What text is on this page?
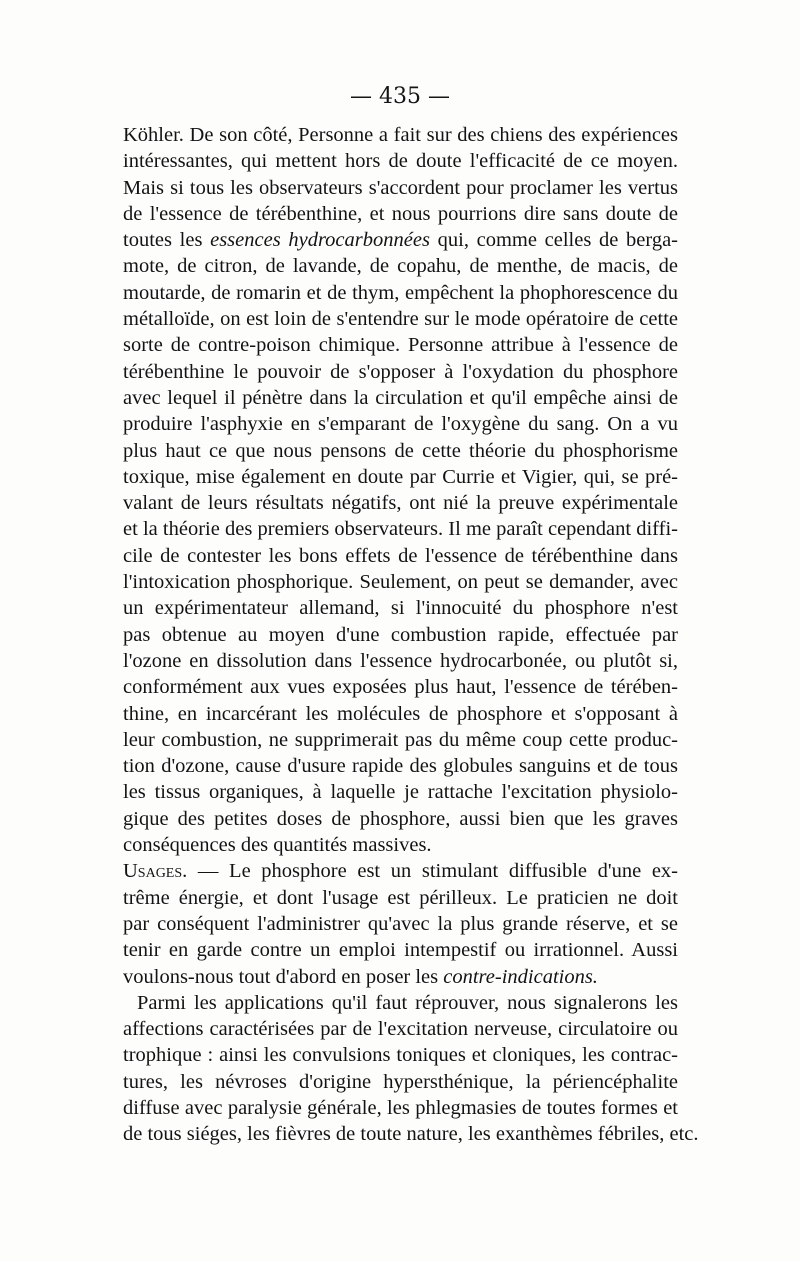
— 435 —
Köhler. De son côté, Personne a fait sur des chiens des expériences
intéressantes, qui mettent hors de doute l'efficacité de ce moyen.
Mais si tous les observateurs s'accordent pour proclamer les vertus
de l'essence de térébenthine, et nous pourrions dire sans doute de
toutes les essences hydrocarbonnées qui, comme celles de berga-
mote, de citron, de lavande, de copahu, de menthe, de macis, de
moutarde, de romarin et de thym, empêchent la phophorescence du
métalloïde, on est loin de s'entendre sur le mode opératoire de cette
sorte de contre-poison chimique. Personne attribue à l'essence de
térébenthine le pouvoir de s'opposer à l'oxydation du phosphore
avec lequel il pénètre dans la circulation et qu'il empêche ainsi de
produire l'asphyxie en s'emparant de l'oxygène du sang. On a vu
plus haut ce que nous pensons de cette théorie du phosphorisme
toxique, mise également en doute par Currie et Vigier, qui, se pré-
valant de leurs résultats négatifs, ont nié la preuve expérimentale
et la théorie des premiers observateurs. Il me paraît cependant diffi-
cile de contester les bons effets de l'essence de térébenthine dans
l'intoxication phosphorique. Seulement, on peut se demander, avec
un expérimentateur allemand, si l'innocuité du phosphore n'est
pas obtenue au moyen d'une combustion rapide, effectuée par
l'ozone en dissolution dans l'essence hydrocarbonée, ou plutôt si,
conformément aux vues exposées plus haut, l'essence de térében-
thine, en incarcérant les molécules de phosphore et s'opposant à
leur combustion, ne supprimerait pas du même coup cette produc-
tion d'ozone, cause d'usure rapide des globules sanguins et de tous
les tissus organiques, à laquelle je rattache l'excitation physiolo-
gique des petites doses de phosphore, aussi bien que les graves
conséquences des quantités massives.
Usages. — Le phosphore est un stimulant diffusible d'une ex-
trême énergie, et dont l'usage est périlleux. Le praticien ne doit
par conséquent l'administrer qu'avec la plus grande réserve, et se
tenir en garde contre un emploi intempestif ou irrationnel. Aussi
voulons-nous tout d'abord en poser les contre-indications.
Parmi les applications qu'il faut réprouver, nous signalerons les
affections caractérisées par de l'excitation nerveuse, circulatoire ou
trophique : ainsi les convulsions toniques et cloniques, les contrac-
tures, les névroses d'origine hypersthénique, la périencéphalite
diffuse avec paralysie générale, les phlegmasies de toutes formes et
de tous siéges, les fièvres de toute nature, les exanthèmes fébriles, etc.
